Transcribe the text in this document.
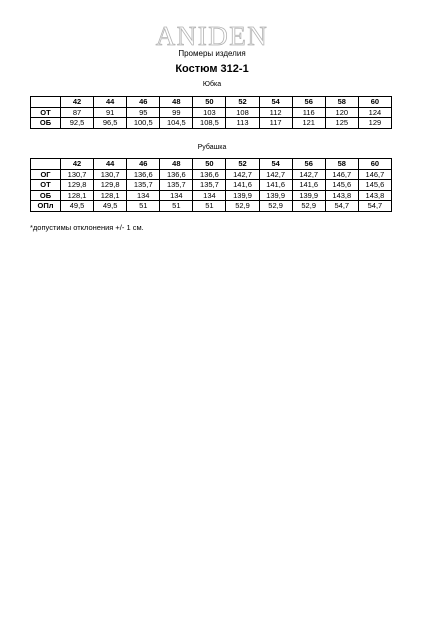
ANIDEN
Промеры изделия
Костюм 312-1
Юбка
	42	44	46	48	50	52	54	56	58	60
ОТ	87	91	95	99	103	108	112	116	120	124
ОБ	92,5	96,5	100,5	104,5	108,5	113	117	121	125	129
Рубашка
	42	44	46	48	50	52	54	56	58	60
ОГ	130,7	130,7	136,6	136,6	136,6	142,7	142,7	142,7	146,7	146,7
ОТ	129,8	129,8	135,7	135,7	135,7	141,6	141,6	141,6	145,6	145,6
ОБ	128,1	128,1	134	134	134	139,9	139,9	139,9	143,8	143,8
ОПл	49,5	49,5	51	51	51	52,9	52,9	52,9	54,7	54,7
*допустимы отклонения +/- 1 см.
